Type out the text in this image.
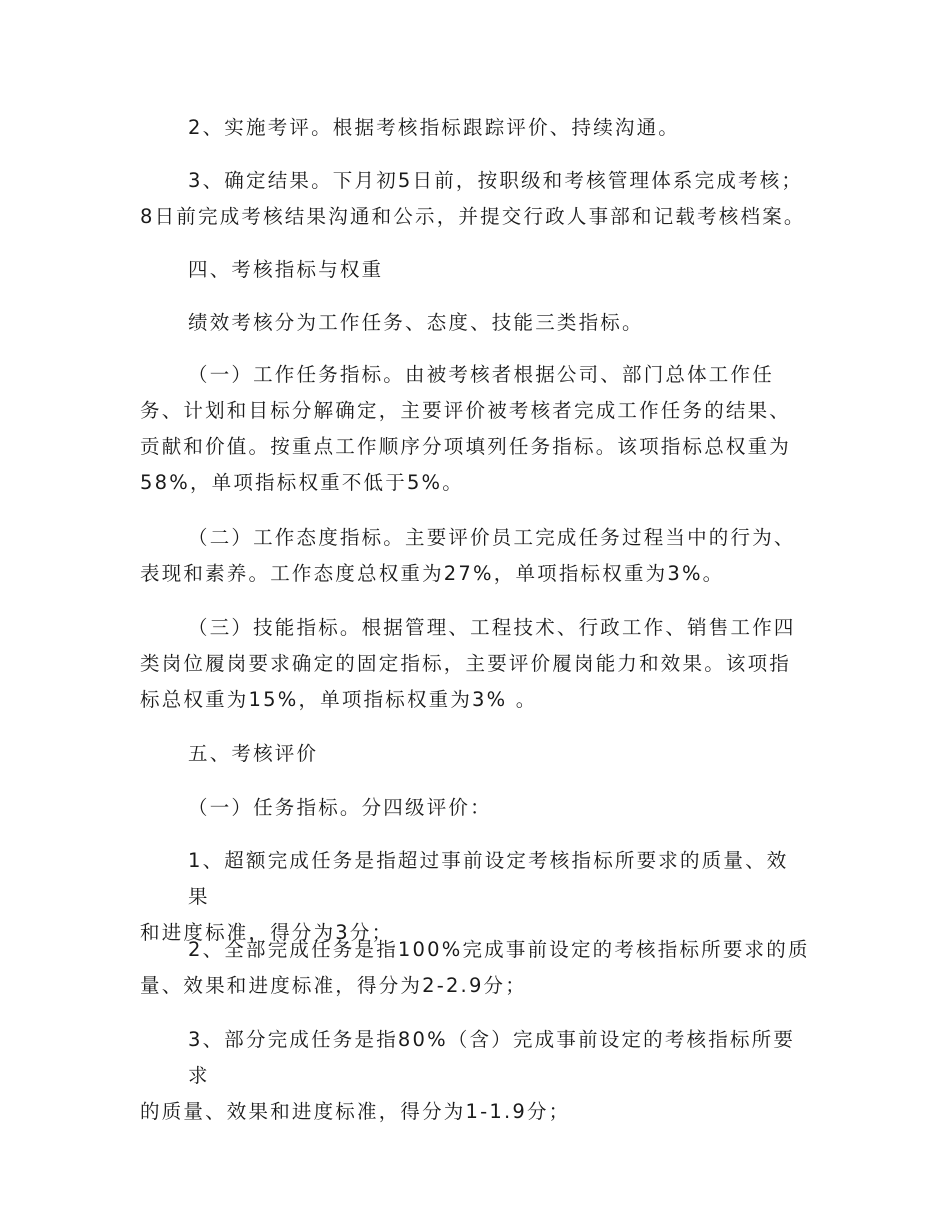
2、实施考评。根据考核指标跟踪评价、持续沟通。
3、确定结果。下月初5日前，按职级和考核管理体系完成考核；
8日前完成考核结果沟通和公示，并提交行政人事部和记载考核档案。
四、考核指标与权重
绩效考核分为工作任务、态度、技能三类指标。
（一）工作任务指标。由被考核者根据公司、部门总体工作任
务、计划和目标分解确定，主要评价被考核者完成工作任务的结果、
贡献和价值。按重点工作顺序分项填列任务指标。该项指标总权重为
58%，单项指标权重不低于5%。
（二）工作态度指标。主要评价员工完成任务过程当中的行为、
表现和素养。工作态度总权重为27%，单项指标权重为3%。
（三）技能指标。根据管理、工程技术、行政工作、销售工作四
类岗位履岗要求确定的固定指标，主要评价履岗能力和效果。该项指
标总权重为15%，单项指标权重为3% 。
五、考核评价
（一）任务指标。分四级评价：
1、超额完成任务是指超过事前设定考核指标所要求的质量、效果
和进度标准，得分为3分；
2、全部完成任务是指100%完成事前设定的考核指标所要求的质
量、效果和进度标准，得分为2-2.9分；
3、部分完成任务是指80%（含）完成事前设定的考核指标所要求
的质量、效果和进度标准，得分为1-1.9分；
